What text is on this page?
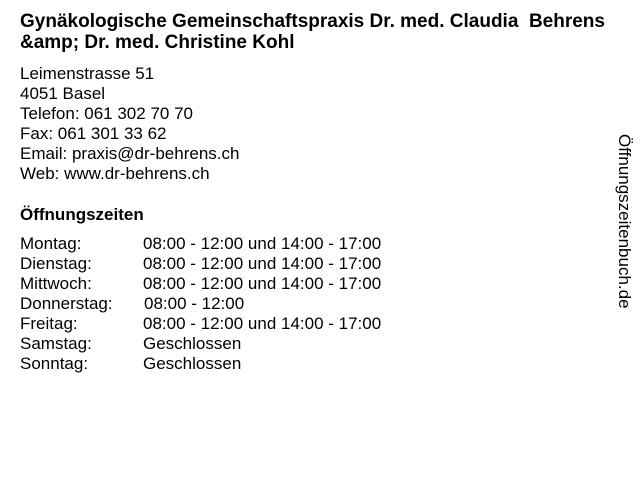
Gynäkologische Gemeinschaftspraxis Dr. med. Claudia  Behrens &amp; Dr. med. Christine Kohl
Leimenstrasse 51
4051 Basel
Telefon: 061 302 70 70
Fax: 061 301 33 62
Email: praxis@dr-behrens.ch
Web: www.dr-behrens.ch
Öffnungszeiten
Montag:	08:00 - 12:00 und 14:00 - 17:00
Dienstag:	08:00 - 12:00 und 14:00 - 17:00
Mittwoch:	08:00 - 12:00 und 14:00 - 17:00
Donnerstag: 08:00 - 12:00
Freitag:	08:00 - 12:00 und 14:00 - 17:00
Samstag:	Geschlossen
Sonntag:	Geschlossen
Öffnungszeitenbuch.de
